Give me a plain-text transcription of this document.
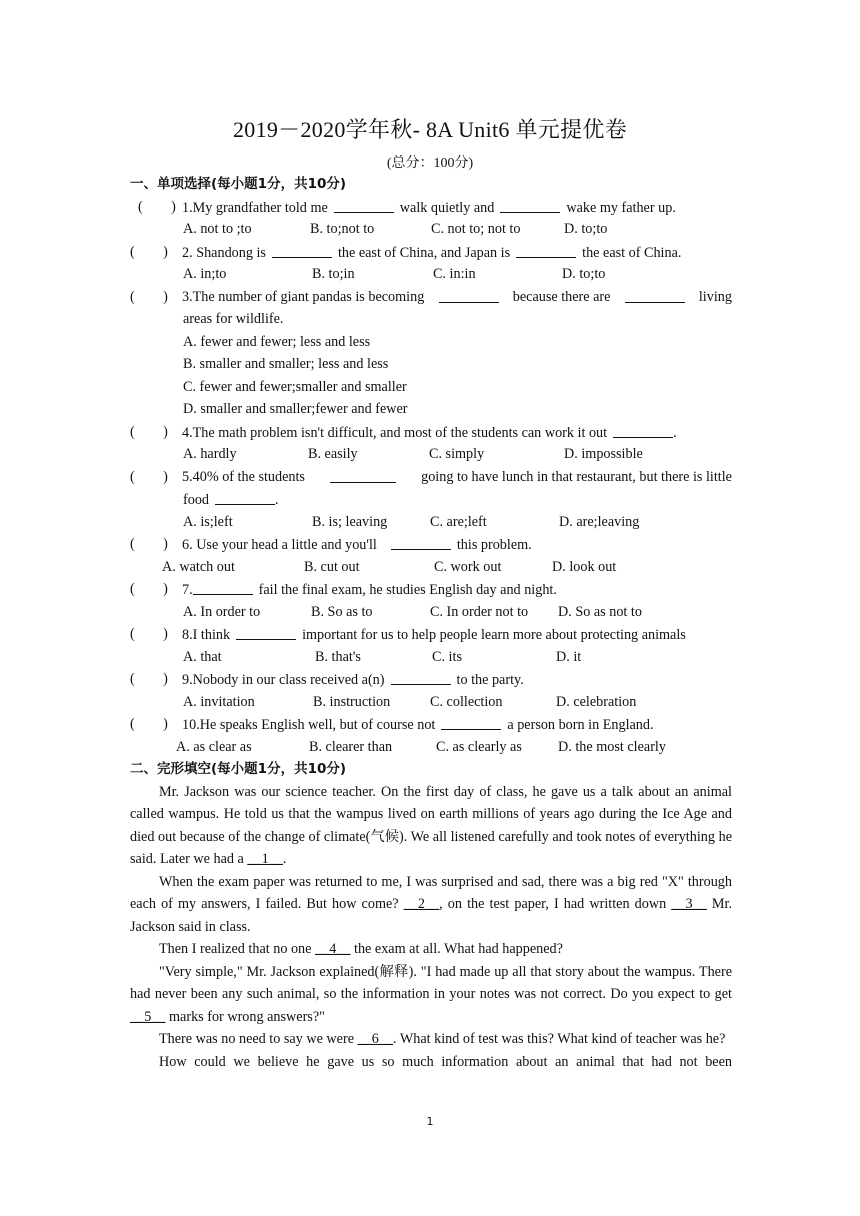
2019－2020学年秋- 8A Unit6 单元提优卷
(总分：100分)
一、单项选择(每小题1分，共10分)
(        ) 1.My grandfather told me	walk quietly and	wake my father up.
A. not to ;to	B. to;not to	C. not to; not to	D. to;to
(        ) 2. Shandong is	the east of China, and Japan is	the east of China.
A. in;to	B. to;in	C. in:in	D. to;to
(        ) 3.The number of giant pandas is becoming	because there are	living
areas for wildlife.
A. fewer and fewer; less and less
B. smaller and smaller; less and less
C. fewer and fewer;smaller and smaller
D. smaller and smaller;fewer and fewer
(        ) 4.The math problem isn't difficult, and most of the students can work it out	.
A. hardly	B. easily	C. simply	D. impossible
(        ) 5.40% of the students	going to have lunch in that restaurant, but there is little
food	.
A. is;left	B. is; leaving	C. are;left	D. are;leaving
(        ) 6. Use your head a little and you'll	this problem.
A. watch out	B. cut out	C. work out	D. look out
(        ) 7.	fail the final exam, he studies English day and night.
A. In order to	B. So as to	C. In order not to D. So as not to
(        ) 8.I think	important for us to help people learn more about protecting animals
A. that	B. that's	C. its	D. it
(        ) 9.Nobody in our class received a(n)	to the party.
A. invitation	B. instruction	C. collection	D. celebration
(        ) 10.He speaks English well, but of course not	a person born in England.
A. as clear as	B. clearer than	C. as clearly as	D. the most clearly
二、完形填空(每小题1分，共10分)
Mr. Jackson was our science teacher. On the first day of class, he gave us a talk about an animal called wampus. He told us that the wampus lived on earth millions of years ago during the Ice Age and died out because of the change of climate(气候). We all listened carefully and took notes of everything he said. Later we had a __1__.
When the exam paper was returned to me, I was surprised and sad, there was a big red "X" through each of my answers, I failed. But how come? __2__, on the test paper, I had written down __3__ Mr. Jackson said in class.
Then I realized that no one __4__ the exam at all. What had happened?
"Very simple," Mr. Jackson explained(解释). "I had made up all that story about the wampus. There had never been any such animal, so the information in your notes was not correct. Do you expect to get __5__ marks for wrong answers?"
There was no need to say we were __6__. What kind of test was this? What kind of teacher was he?
How could we believe he gave us so much information about an animal that had not been
1
